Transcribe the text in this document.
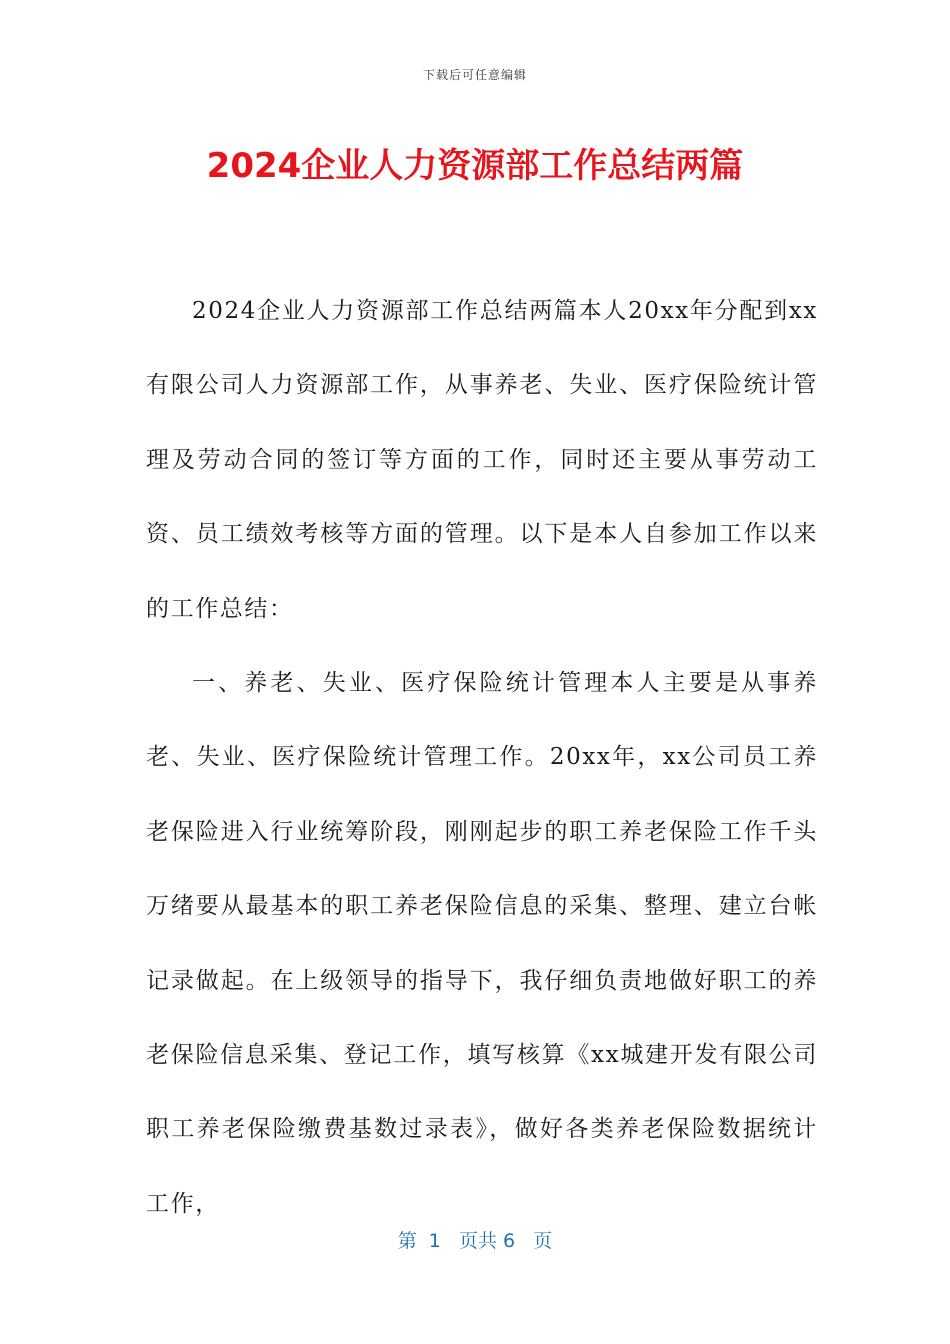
下载后可任意编辑
2024企业人力资源部工作总结两篇

2024企业人力资源部工作总结两篇本人20xx年分配到xx有限公司人力资源部工作，从事养老、失业、医疗保险统计管理及劳动合同的签订等方面的工作，同时还主要从事劳动工资、员工绩效考核等方面的管理。以下是本人自参加工作以来的工作总结：

一、养老、失业、医疗保险统计管理本人主要是从事养老、失业、医疗保险统计管理工作。20xx年，xx公司员工养老保险进入行业统筹阶段，刚刚起步的职工养老保险工作千头万绪要从最基本的职工养老保险信息的采集、整理、建立台帐记录做起。在上级领导的指导下，我仔细负责地做好职工的养老保险信息采集、登记工作，填写核算《xx城建开发有限公司职工养老保险缴费基数过录表》，做好各类养老保险数据统计工作，

第  1   页共 6   页
